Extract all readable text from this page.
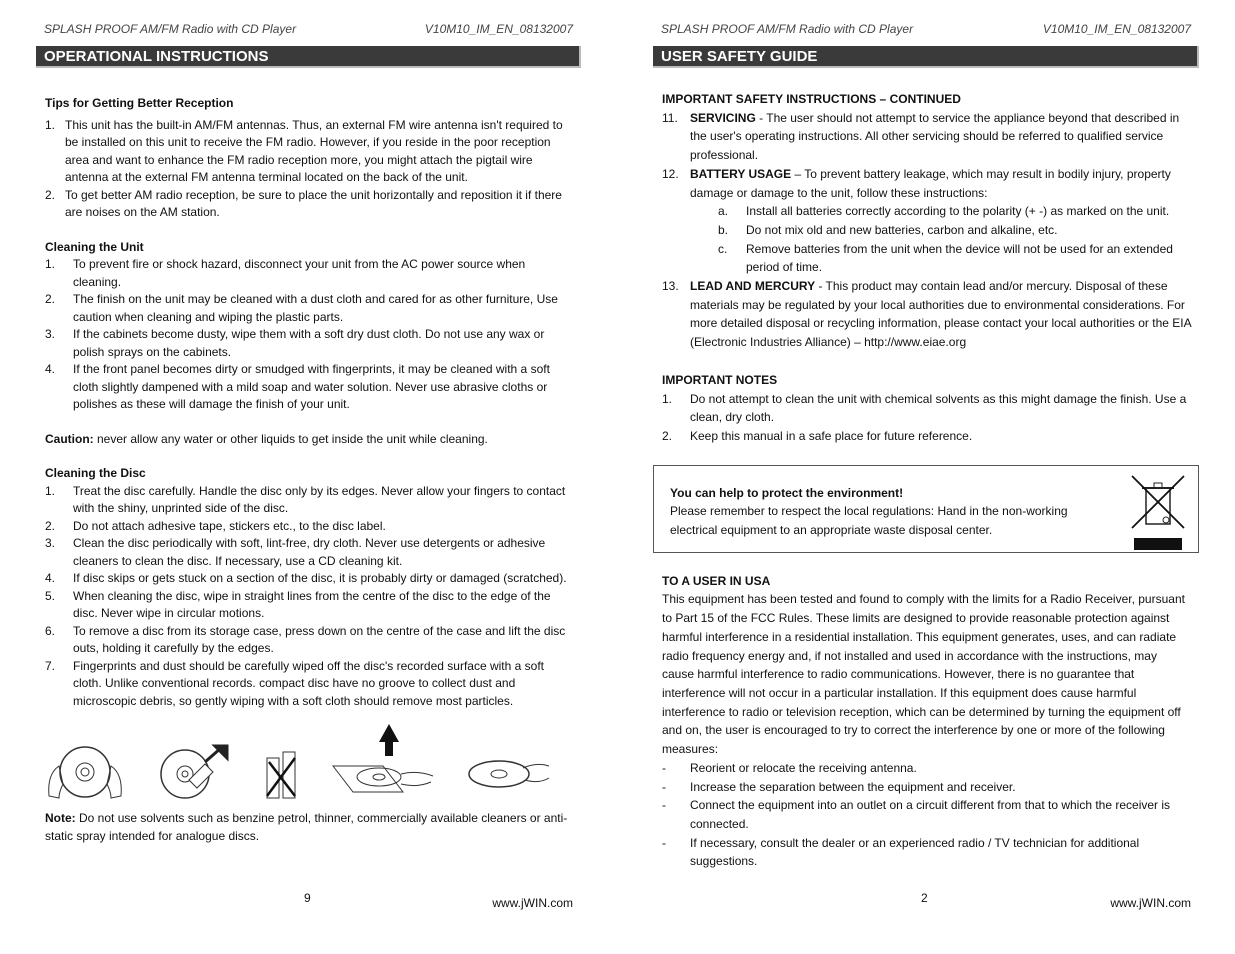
SPLASH PROOF AM/FM Radio with CD Player	V10M10_IM_EN_08132007
OPERATIONAL INSTRUCTIONS
Tips for Getting Better Reception
1. This unit has the built-in AM/FM antennas. Thus, an external FM wire antenna isn't required to be installed on this unit to receive the FM radio. However, if you reside in the poor reception area and want to enhance the FM radio reception more, you might attach the pigtail wire antenna at the external FM antenna terminal located on the back of the unit.
2. To get better AM radio reception, be sure to place the unit horizontally and reposition it if there are noises on the AM station.
Cleaning the Unit
1. To prevent fire or shock hazard, disconnect your unit from the AC power source when cleaning.
2. The finish on the unit may be cleaned with a dust cloth and cared for as other furniture, Use caution when cleaning and wiping the plastic parts.
3. If the cabinets become dusty, wipe them with a soft dry dust cloth. Do not use any wax or polish sprays on the cabinets.
4. If the front panel becomes dirty or smudged with fingerprints, it may be cleaned with a soft cloth slightly dampened with a mild soap and water solution. Never use abrasive cloths or polishes as these will damage the finish of your unit.
Caution: never allow any water or other liquids to get inside the unit while cleaning.
Cleaning the Disc
1. Treat the disc carefully. Handle the disc only by its edges. Never allow your fingers to contact with the shiny, unprinted side of the disc.
2. Do not attach adhesive tape, stickers etc., to the disc label.
3. Clean the disc periodically with soft, lint-free, dry cloth. Never use detergents or adhesive cleaners to clean the disc. If necessary, use a CD cleaning kit.
4. If disc skips or gets stuck on a section of the disc, it is probably dirty or damaged (scratched).
5. When cleaning the disc, wipe in straight lines from the centre of the disc to the edge of the disc. Never wipe in circular motions.
6. To remove a disc from its storage case, press down on the centre of the case and lift the disc outs, holding it carefully by the edges.
7. Fingerprints and dust should be carefully wiped off the disc's recorded surface with a soft cloth. Unlike conventional records. compact disc have no groove to collect dust and microscopic debris, so gently wiping with a soft cloth should remove most particles.
Note: Do not use solvents such as benzine petrol, thinner, commercially available cleaners or anti-static spray intended for analogue discs.
9	www.jWIN.com
SPLASH PROOF AM/FM Radio with CD Player	V10M10_IM_EN_08132007
USER SAFETY GUIDE
IMPORTANT SAFETY INSTRUCTIONS – CONTINUED
11. SERVICING - The user should not attempt to service the appliance beyond that described in the user's operating instructions. All other servicing should be referred to qualified service professional.
12. BATTERY USAGE – To prevent battery leakage, which may result in bodily injury, property damage or damage to the unit, follow these instructions:
a. Install all batteries correctly according to the polarity (+ -) as marked on the unit.
b. Do not mix old and new batteries, carbon and alkaline, etc.
c. Remove batteries from the unit when the device will not be used for an extended period of time.
13. LEAD AND MERCURY - This product may contain lead and/or mercury. Disposal of these materials may be regulated by your local authorities due to environmental considerations. For more detailed disposal or recycling information, please contact your local authorities or the EIA (Electronic Industries Alliance) – http://www.eiae.org
IMPORTANT NOTES
1. Do not attempt to clean the unit with chemical solvents as this might damage the finish. Use a clean, dry cloth.
2. Keep this manual in a safe place for future reference.
You can help to protect the environment!
Please remember to respect the local regulations: Hand in the non-working electrical equipment to an appropriate waste disposal center.
TO A USER IN USA
This equipment has been tested and found to comply with the limits for a Radio Receiver, pursuant to Part 15 of the FCC Rules. These limits are designed to provide reasonable protection against harmful interference in a residential installation. This equipment generates, uses, and can radiate radio frequency energy and, if not installed and used in accordance with the instructions, may cause harmful interference to radio communications. However, there is no guarantee that interference will not occur in a particular installation. If this equipment does cause harmful interference to radio or television reception, which can be determined by turning the equipment off and on, the user is encouraged to try to correct the interference by one or more of the following measures:
- Reorient or relocate the receiving antenna.
- Increase the separation between the equipment and receiver.
- Connect the equipment into an outlet on a circuit different from that to which the receiver is connected.
- If necessary, consult the dealer or an experienced radio / TV technician for additional suggestions.
2	www.jWIN.com
